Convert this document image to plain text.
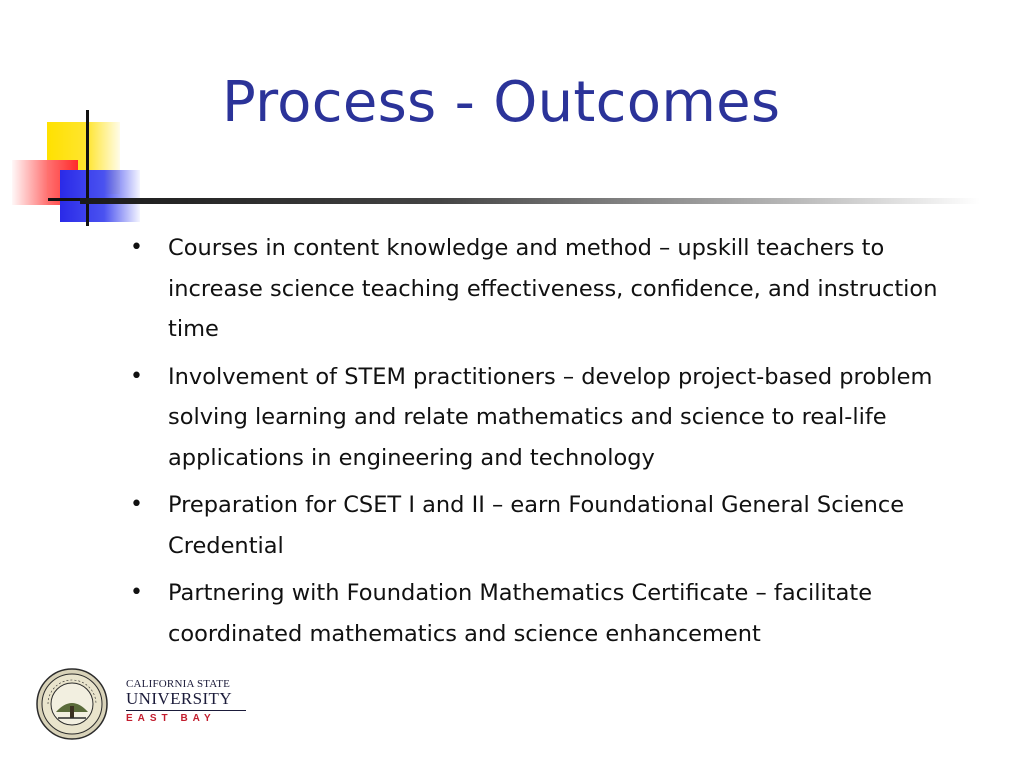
Process - Outcomes
• Courses in content knowledge and method – upskill teachers to increase science teaching effectiveness, confidence, and instruction time
• Involvement of STEM practitioners – develop project-based problem solving learning and relate mathematics and science to real-life applications in engineering and technology
• Preparation for CSET I and II – earn Foundational General Science Credential
• Partnering with Foundation Mathematics Certificate – facilitate coordinated mathematics and science enhancement
CALIFORNIA STATE
UNIVERSITY
EAST BAY
